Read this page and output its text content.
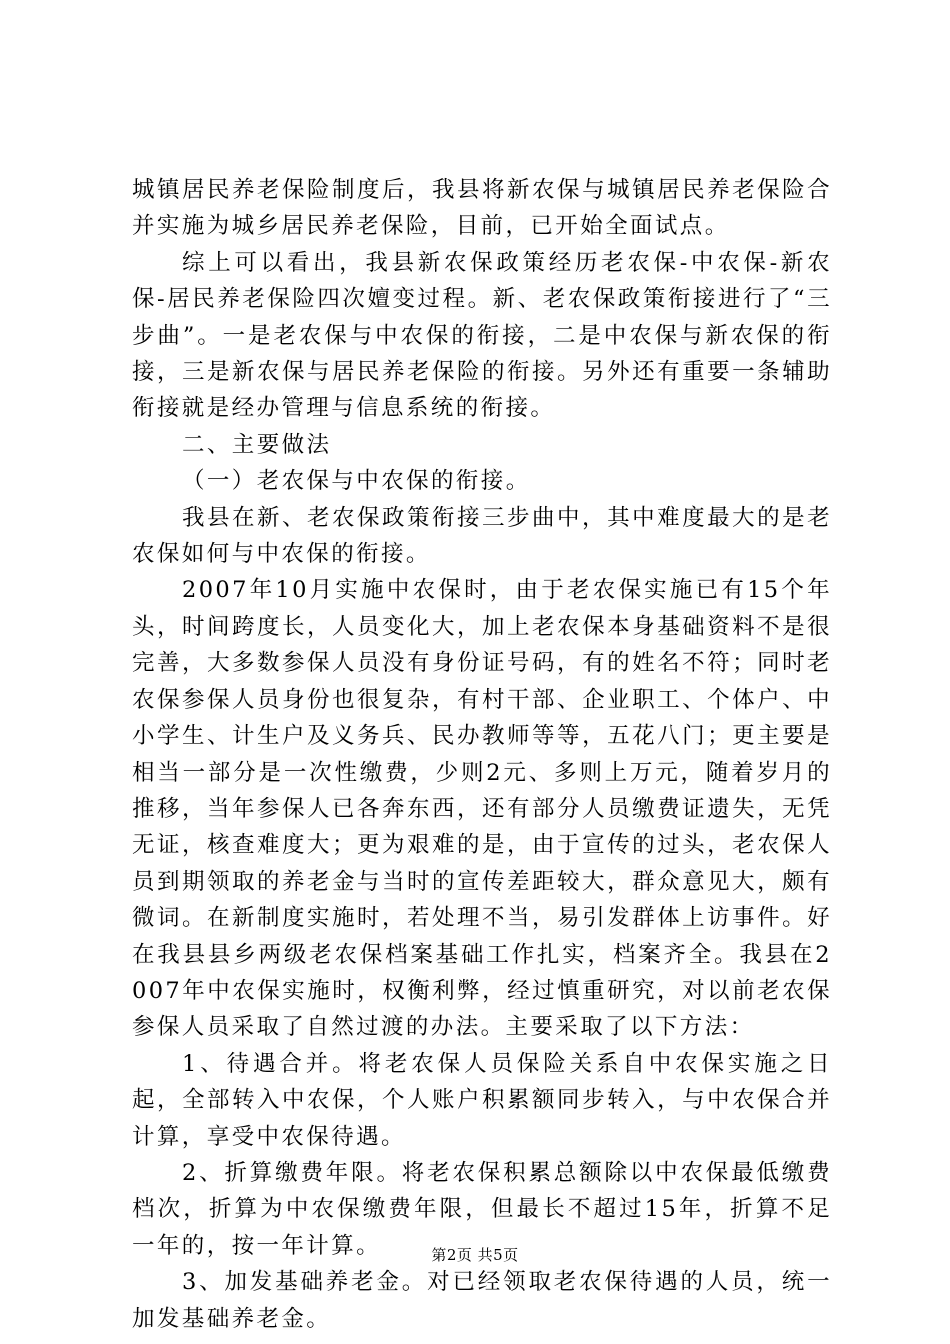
城镇居民养老保险制度后，我县将新农保与城镇居民养老保险合并实施为城乡居民养老保险，目前，已开始全面试点。

综上可以看出，我县新农保政策经历老农保-中农保-新农保-居民养老保险四次嬗变过程。新、老农保政策衔接进行了“三步曲”。一是老农保与中农保的衔接，二是中农保与新农保的衔接，三是新农保与居民养老保险的衔接。另外还有重要一条辅助衔接就是经办管理与信息系统的衔接。

二、主要做法

（一）老农保与中农保的衔接。

我县在新、老农保政策衔接三步曲中，其中难度最大的是老农保如何与中农保的衔接。

2007年10月实施中农保时，由于老农保实施已有15个年头，时间跨度长，人员变化大，加上老农保本身基础资料不是很完善，大多数参保人员没有身份证号码，有的姓名不符；同时老农保参保人员身份也很复杂，有村干部、企业职工、个体户、中小学生、计生户及义务兵、民办教师等等，五花八门；更主要是相当一部分是一次性缴费，少则2元、多则上万元，随着岁月的推移，当年参保人已各奔东西，还有部分人员缴费证遗失，无凭无证，核查难度大；更为艰难的是，由于宣传的过头，老农保人员到期领取的养老金与当时的宣传差距较大，群众意见大，颇有微词。在新制度实施时，若处理不当，易引发群体上访事件。好在我县县乡两级老农保档案基础工作扎实，档案齐全。我县在2007年中农保实施时，权衡利弊，经过慎重研究，对以前老农保参保人员采取了自然过渡的办法。主要采取了以下方法：

1、待遇合并。将老农保人员保险关系自中农保实施之日起，全部转入中农保，个人账户积累额同步转入，与中农保合并计算，享受中农保待遇。

2、折算缴费年限。将老农保积累总额除以中农保最低缴费档次，折算为中农保缴费年限，但最长不超过15年，折算不足一年的，按一年计算。

3、加发基础养老金。对已经领取老农保待遇的人员，统一加发基础养老金。

第2页 共5页
